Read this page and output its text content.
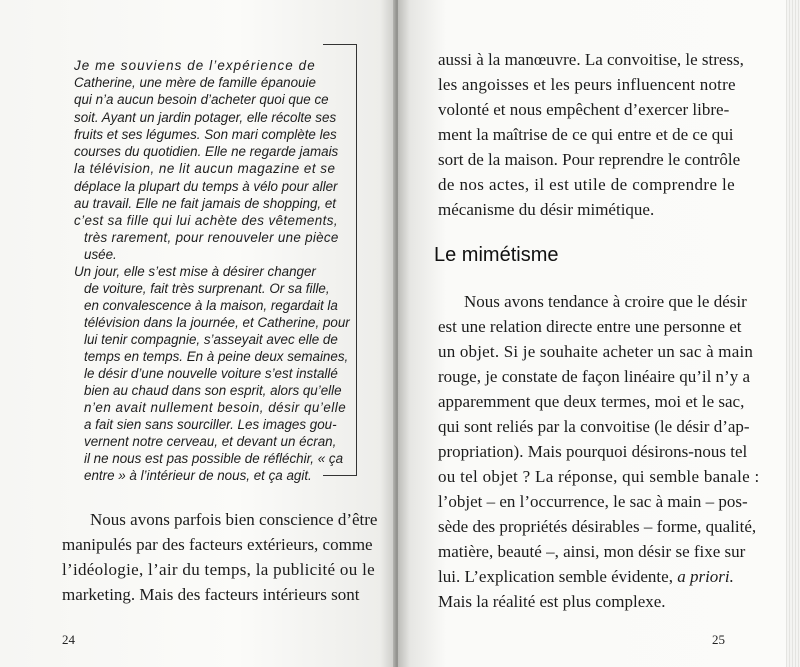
Je me souviens de l’expérience de
Catherine, une mère de famille épanouie
qui n’a aucun besoin d’acheter quoi que ce
soit. Ayant un jardin potager, elle récolte ses
fruits et ses légumes. Son mari complète les
courses du quotidien. Elle ne regarde jamais
la télévision, ne lit aucun magazine et se
déplace la plupart du temps à vélo pour aller
au travail. Elle ne fait jamais de shopping, et
c’est sa fille qui lui achète des vêtements,
très rarement, pour renouveler une pièce
usée.
Un jour, elle s’est mise à désirer changer
de voiture, fait très surprenant. Or sa fille,
en convalescence à la maison, regardait la
télévision dans la journée, et Catherine, pour
lui tenir compagnie, s’asseyait avec elle de
temps en temps. En à peine deux semaines,
le désir d’une nouvelle voiture s’est installé
bien au chaud dans son esprit, alors qu’elle
n’en avait nullement besoin, désir qu’elle
a fait sien sans sourciller. Les images gou-
vernent notre cerveau, et devant un écran,
il ne nous est pas possible de réfléchir, « ça
entre » à l’intérieur de nous, et ça agit.
Nous avons parfois bien conscience d’être
manipulés par des facteurs extérieurs, comme
l’idéologie, l’air du temps, la publicité ou le
marketing. Mais des facteurs intérieurs sont
24
aussi à la manœuvre. La convoitise, le stress,
les angoisses et les peurs influencent notre
volonté et nous empêchent d’exercer libre-
ment la maîtrise de ce qui entre et de ce qui
sort de la maison. Pour reprendre le contrôle
de nos actes, il est utile de comprendre le
mécanisme du désir mimétique.
Le mimétisme
Nous avons tendance à croire que le désir
est une relation directe entre une personne et
un objet. Si je souhaite acheter un sac à main
rouge, je constate de façon linéaire qu’il n’y a
apparemment que deux termes, moi et le sac,
qui sont reliés par la convoitise (le désir d’ap-
propriation). Mais pourquoi désirons-nous tel
ou tel objet ? La réponse, qui semble banale :
l’objet – en l’occurrence, le sac à main – pos-
sède des propriétés désirables – forme, qualité,
matière, beauté –, ainsi, mon désir se fixe sur
lui. L’explication semble évidente, a priori.
Mais la réalité est plus complexe.
25
